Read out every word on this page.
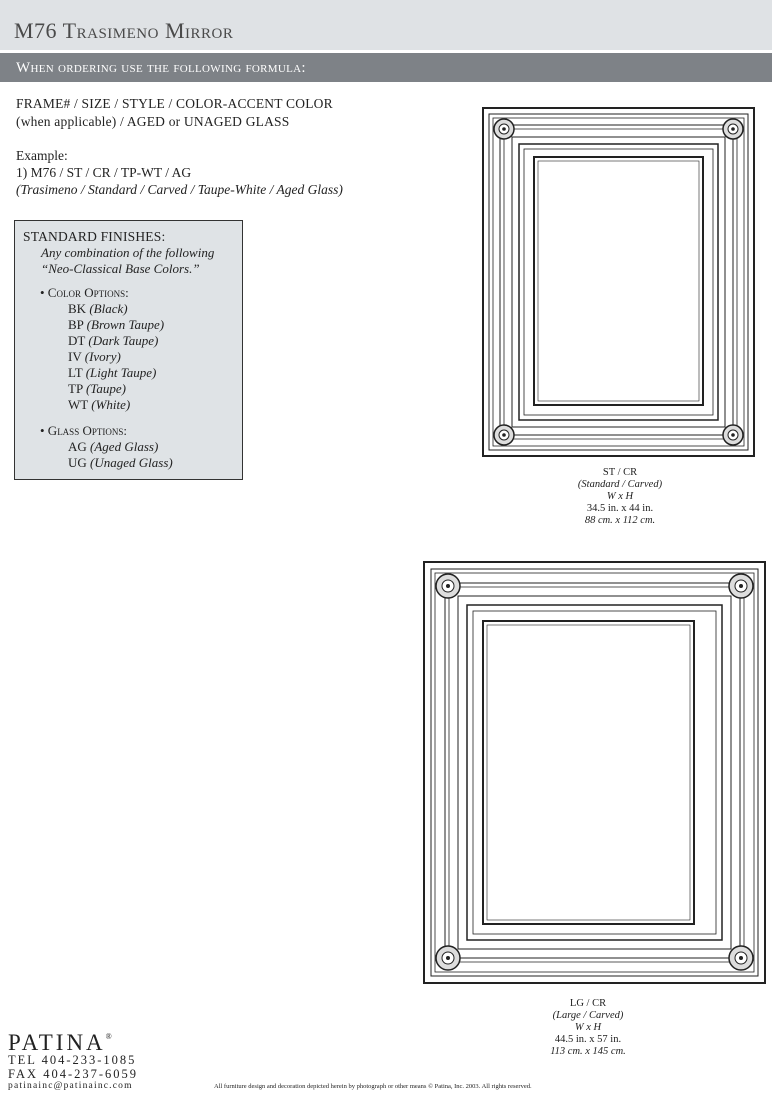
M76 Trasimeno Mirror
When ordering use the following formula:
FRAME# / SIZE / STYLE / COLOR-ACCENT COLOR
(when applicable) / AGED or UNAGED GLASS
Example:
1) M76 / ST / CR / TP-WT / AG
(Trasimeno / Standard / Carved / Taupe-White / Aged Glass)
STANDARD FINISHES:
Any combination of the following
“Neo-Classical Base Colors.”
• Color Options:
BK (Black)
BP (Brown Taupe)
DT (Dark Taupe)
IV (Ivory)
LT (Light Taupe)
TP (Taupe)
WT (White)
• Glass Options:
AG (Aged Glass)
UG (Unaged Glass)
ST / CR
(Standard / Carved)
W x H
34.5 in. x 44 in.
88 cm. x 112 cm.
LG / CR
(Large / Carved)
W x H
44.5 in. x 57 in.
113 cm. x 145 cm.
PATINA®
TEL 404-233-1085
FAX 404-237-6059
patinainc@patinainc.com	All furniture design and decoration depicted herein by photograph or other means © Patina, Inc. 2003. All rights reserved.
